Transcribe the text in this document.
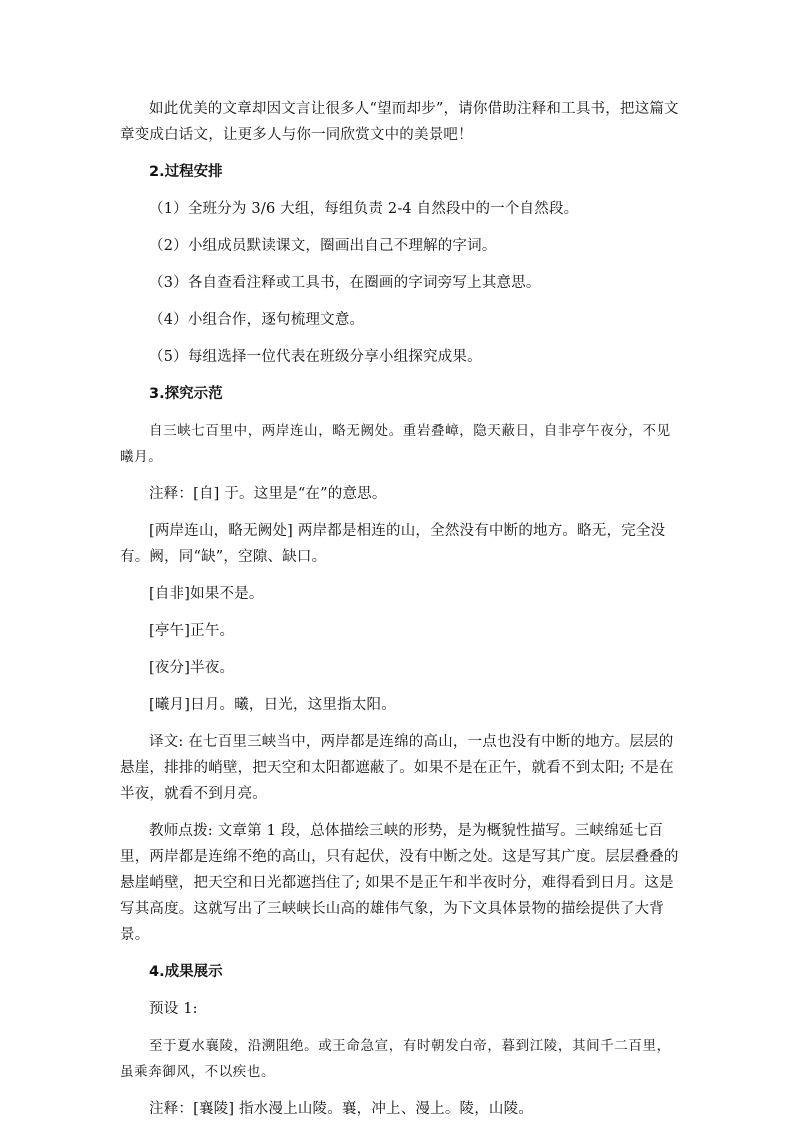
如此优美的文章却因文言让很多人“望而却步”，请你借助注释和工具书，把这篇文章变成白话文，让更多人与你一同欣赏文中的美景吧！

2.过程安排

（1）全班分为 3/6 大组，每组负责 2-4 自然段中的一个自然段。

（2）小组成员默读课文，圈画出自己不理解的字词。

（3）各自查看注释或工具书，在圈画的字词旁写上其意思。

（4）小组合作，逐句梳理文意。

（5）每组选择一位代表在班级分享小组探究成果。

3.探究示范

自三峡七百里中，两岸连山，略无阙处。重岩叠嶂，隐天蔽日，自非亭午夜分，不见曦月。

注释：[自] 于。这里是“在”的意思。

[两岸连山，略无阙处] 两岸都是相连的山，全然没有中断的地方。略无，完全没有。阙，同“缺”，空隙、缺口。

[自非]如果不是。

[亭午]正午。

[夜分]半夜。

[曦月]日月。曦，日光，这里指太阳。

译文: 在七百里三峡当中，两岸都是连绵的高山，一点也没有中断的地方。层层的悬崖，排排的峭壁，把天空和太阳都遮蔽了。如果不是在正午，就看不到太阳; 不是在半夜，就看不到月亮。

教师点拨: 文章第 1 段，总体描绘三峡的形势，是为概貌性描写。三峡绵延七百里，两岸都是连绵不绝的高山，只有起伏，没有中断之处。这是写其广度。层层叠叠的悬崖峭壁，把天空和日光都遮挡住了; 如果不是正午和半夜时分，难得看到日月。这是写其高度。这就写出了三峡峡长山高的雄伟气象，为下文具体景物的描绘提供了大背景。

4.成果展示

预设 1:

至于夏水襄陵，沿溯阻绝。或王命急宣，有时朝发白帝，暮到江陵，其间千二百里，虽乘奔御风，不以疾也。

注释：[襄陵] 指水漫上山陵。襄，冲上、漫上。陵，山陵。
